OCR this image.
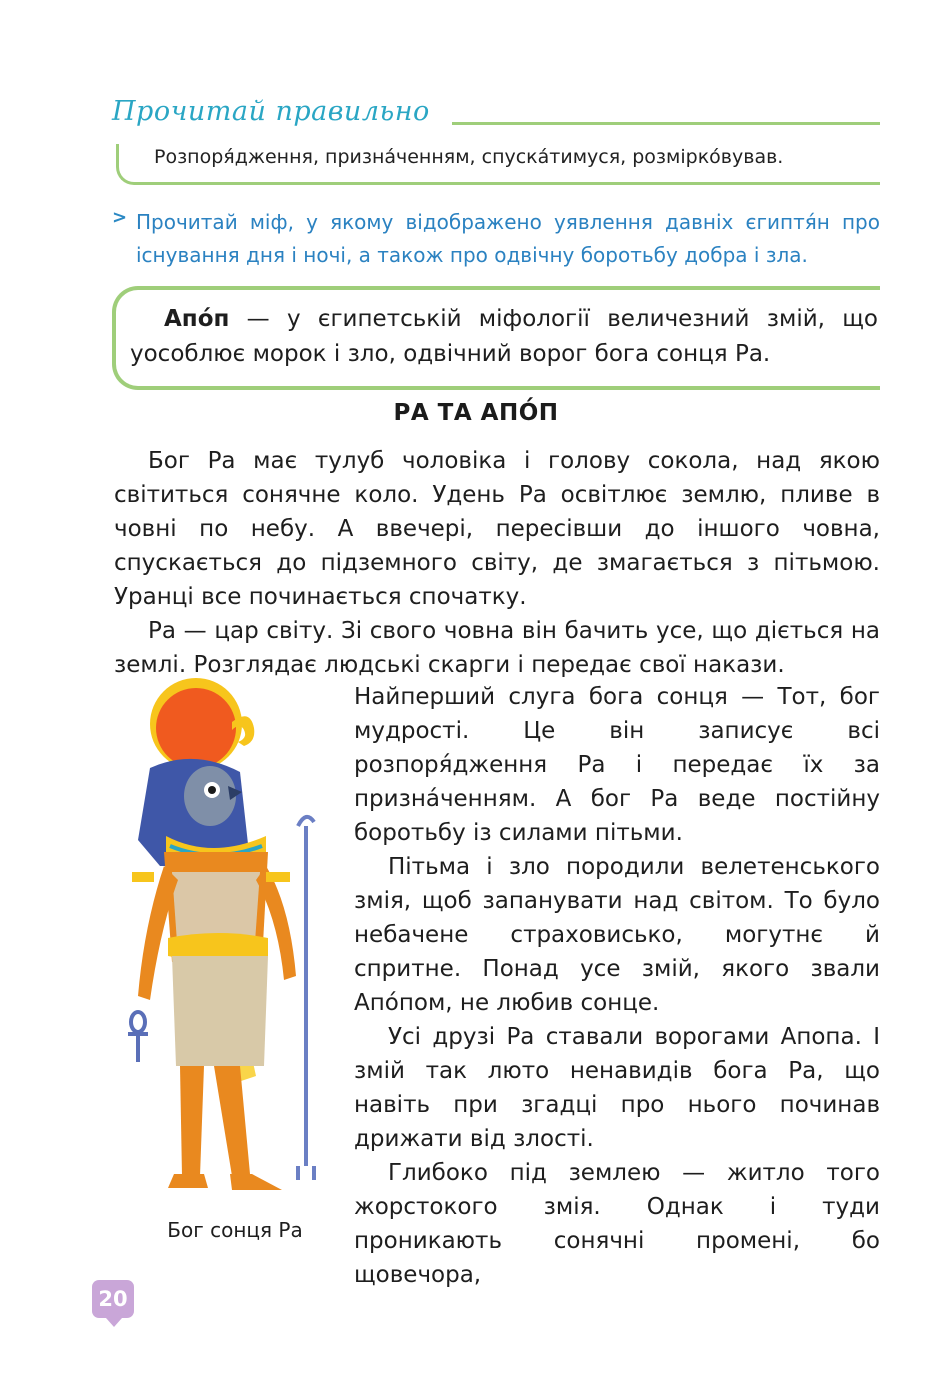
Прочитай правильно
Розпоря́дження, призна́ченням, спуска́тимуся, розмірко́вував.
> Прочитай міф, у якому відображено уявлення давніх єгиптя́н про існування дня і ночі, а також про одвічну боротьбу добра і зла.

Апо́п — у єгипетській міфології величезний змій, що уособлює морок і зло, одвічний ворог бога сонця Ра.

РА ТА АПО́П

Бог Ра має тулуб чоловіка і голову сокола, над якою світиться сонячне коло. Удень Ра освітлює землю, пливе в човні по небу. А ввечері, пересівши до іншого човна, спускається до підземного світу, де змагається з пітьмою. Уранці все починається спочатку.

Ра — цар світу. Зі свого човна він бачить усе, що діється на землі. Розглядає людські скарги і передає свої накази.

Бог сонця Ра

Найперший слуга бога сонця — Тот, бог мудрості. Це він записує всі розпоря́дження Ра і передає їх за призна́ченням. А бог Ра веде постійну боротьбу із силами пітьми.

Пітьма і зло породили велетенського змія, щоб запанувати над світом. То було небачене страховисько, могутнє й спритне. Понад усе змій, якого звали Апо́пом, не любив сонце.

Усі друзі Ра ставали ворогами Апопа. І змій так люто ненавидів бога Ра, що навіть при згадці про нього починав дрижати від злості.

Глибоко під землею — житло того жорстокого змія. Однак і туди проникають сонячні промені, бо щовечора,

20
